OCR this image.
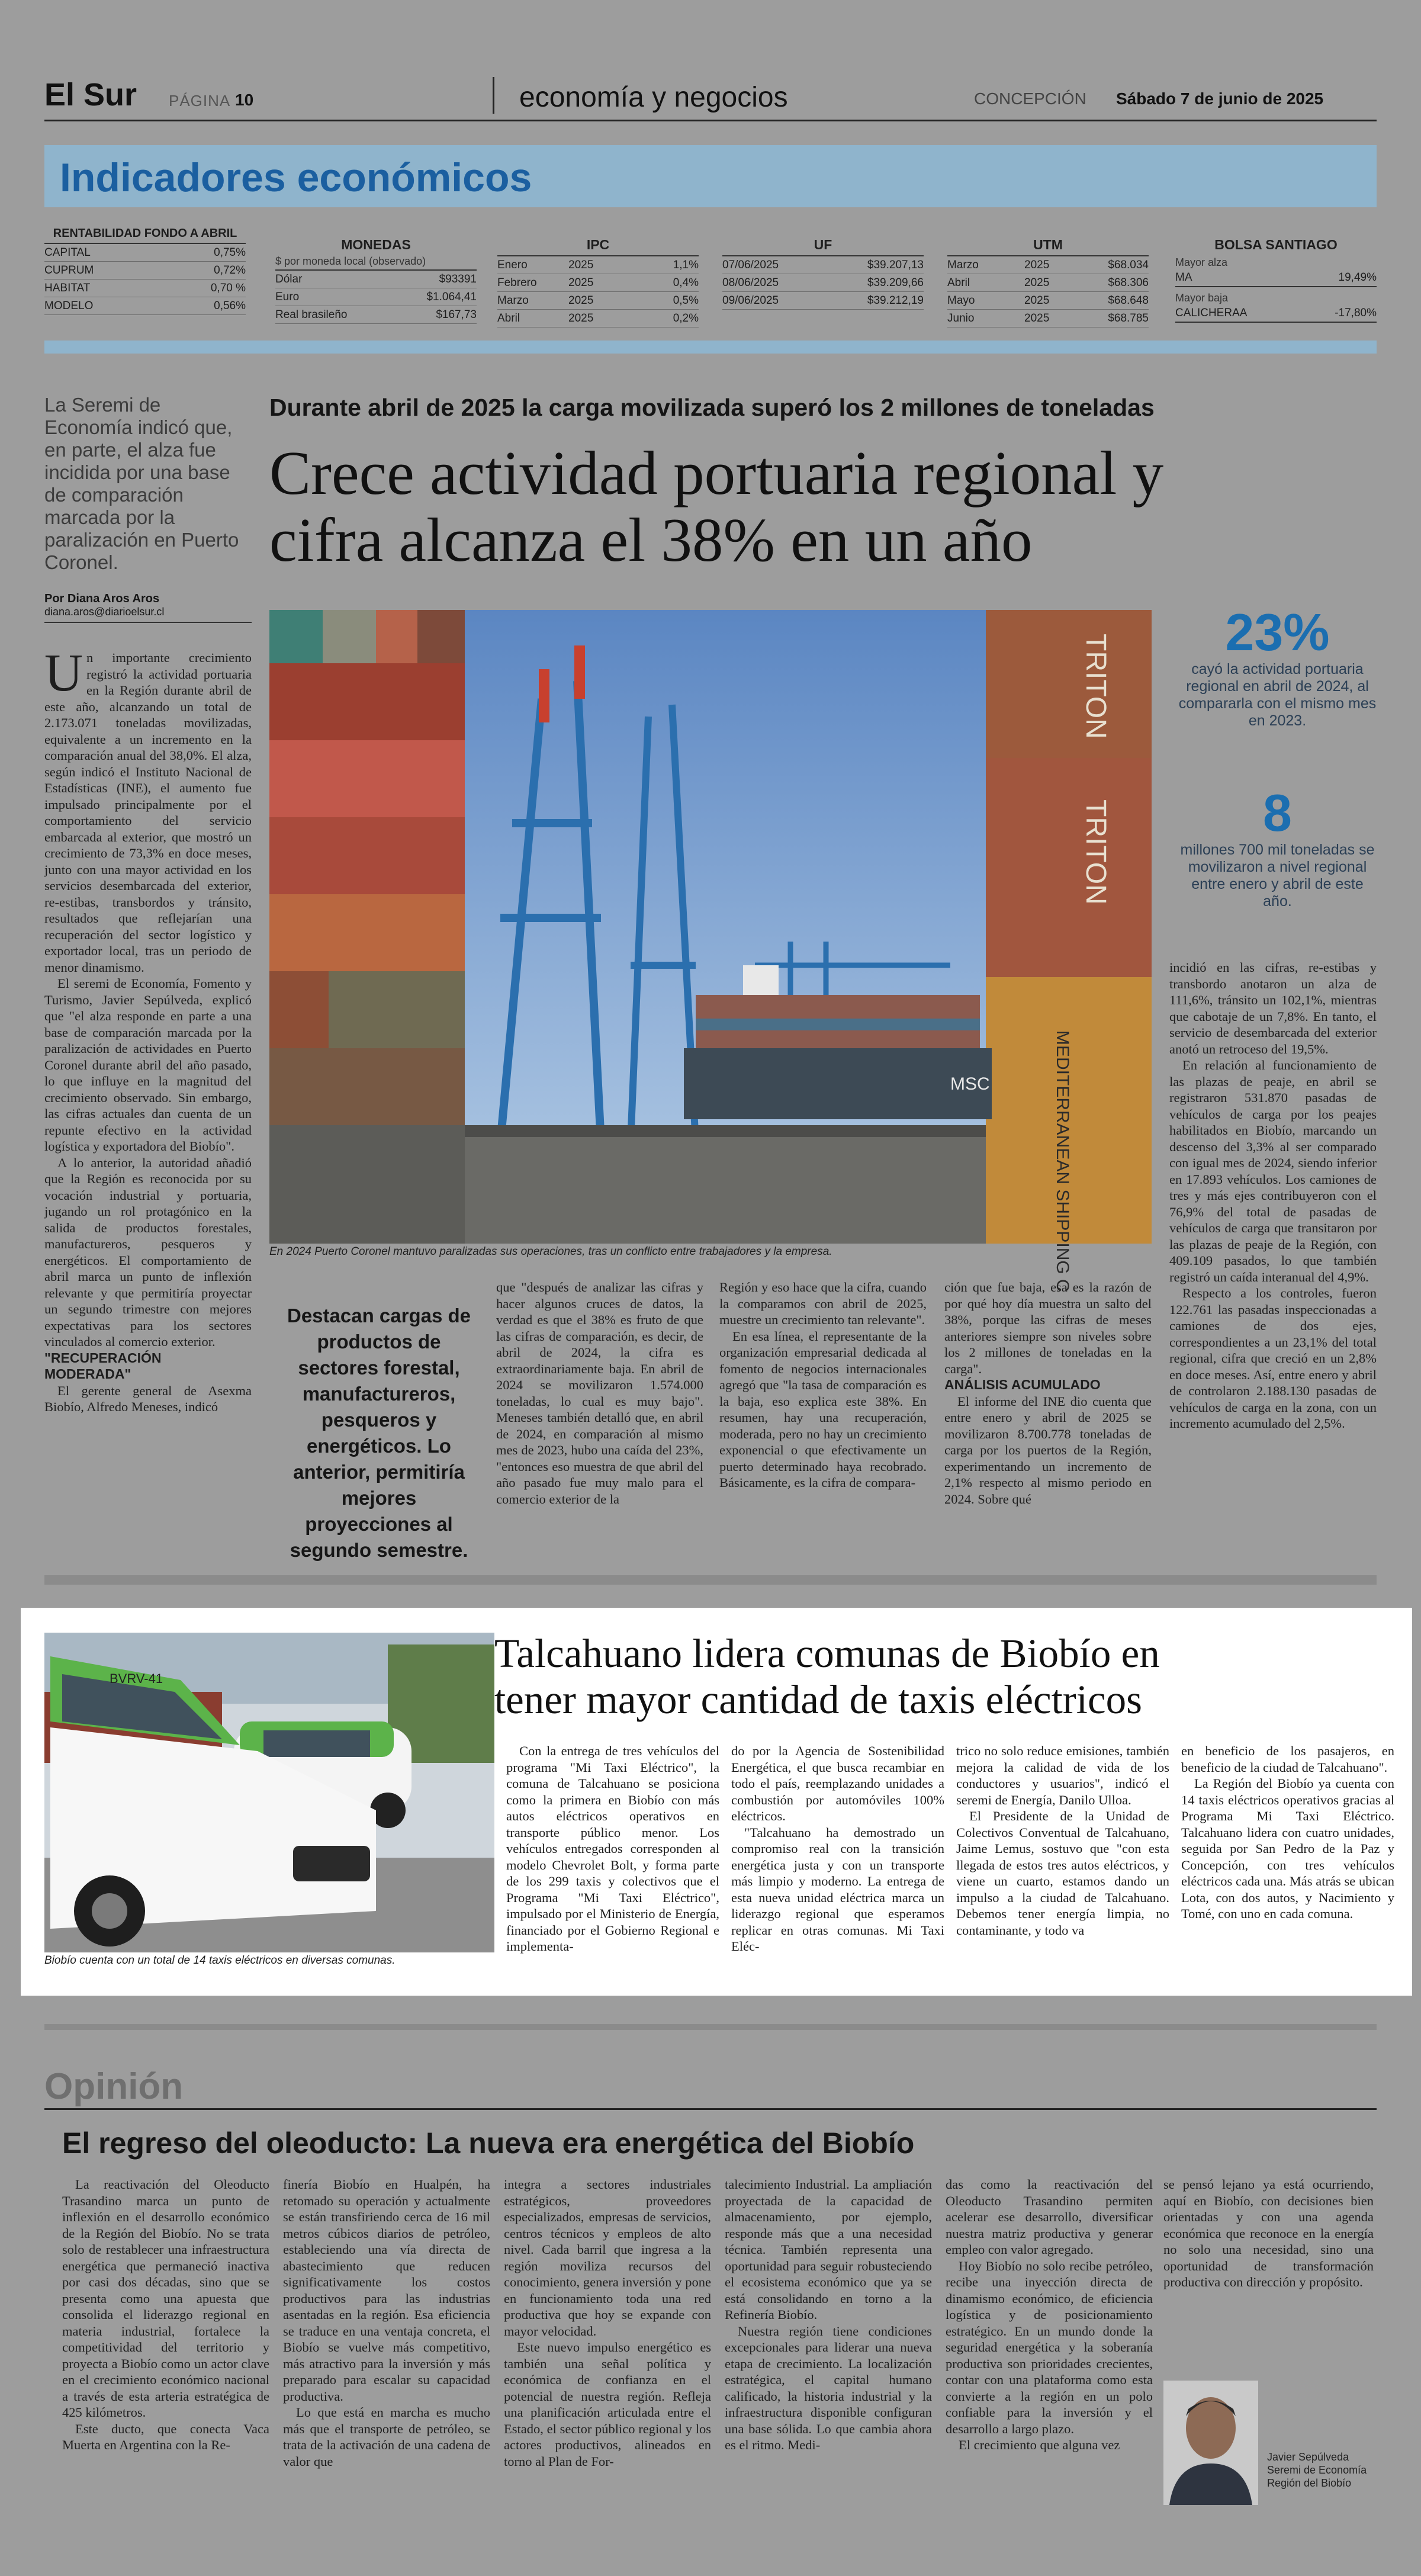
El Sur PÁGINA 10	economía y negocios	CONCEPCIÓN Sábado 7 de junio de 2025
Indicadores económicos
RENTABILIDAD FONDO A ABRIL
CAPITAL	0,75%
CUPRUM	0,72%
HABITAT	0,70 %
MODELO	0,56%
MONEDAS
$ por moneda local (observado)
Dólar	$93391
Euro	$1.064,41
Real brasileño	$167,73
IPC
Enero	2025	1,1%
Febrero	2025	0,4%
Marzo	2025	0,5%
Abril	2025	0,2%
UF
07/06/2025	$39.207,13
08/06/2025	$39.209,66
09/06/2025	$39.212,19
UTM
Marzo	2025	$68.034
Abril	2025	$68.306
Mayo	2025	$68.648
Junio	2025	$68.785
BOLSA SANTIAGO
Mayor alza
MA	19,49%
Mayor baja
CALICHERAA	-17,80%
La Seremi de Economía indicó que, en parte, el alza fue incidida por una base de comparación marcada por la paralización en Puerto Coronel.
Por Diana Aros Aros
diana.aros@diarioelsur.cl
Durante abril de 2025 la carga movilizada superó los 2 millones de toneladas
Crece actividad portuaria regional y
cifra alcanza el 38% en un año
TRITON
TRITON
MEDITERRANEAN SHIPPING C
MSC
En 2024 Puerto Coronel mantuvo paralizadas sus operaciones, tras un conflicto entre trabajadores y la empresa.
23%
cayó la actividad portuaria regional en abril de 2024, al compararla con el mismo mes en 2023.
8
millones 700 mil toneladas se movilizaron a nivel regional entre enero y abril de este año.

Un importante crecimiento registró la actividad portuaria en la Región durante abril de este año, alcanzando un total de 2.173.071 toneladas movilizadas, equivalente a un incremento en la comparación anual del 38,0%. El alza, según indicó el Instituto Nacional de Estadísticas (INE), el aumento fue impulsado principalmente por el comportamiento del servicio embarcada al exterior, que mostró un crecimiento de 73,3% en doce meses, junto con una mayor actividad en los servicios desembarcada del exterior, re-estibas, transbordos y tránsito, resultados que reflejarían una recuperación del sector logístico y exportador local, tras un periodo de menor dinamismo.

El seremi de Economía, Fomento y Turismo, Javier Sepúlveda, explicó que "el alza responde en parte a una base de comparación marcada por la paralización de actividades en Puerto Coronel durante abril del año pasado, lo que influye en la magnitud del crecimiento observado. Sin embargo, las cifras actuales dan cuenta de un repunte efectivo en la actividad logística y exportadora del Biobío".

A lo anterior, la autoridad añadió que la Región es reconocida por su vocación industrial y portuaria, jugando un rol protagónico en la salida de productos forestales, manufactureros, pesqueros y energéticos. El comportamiento de abril marca un punto de inflexión relevante y que permitiría proyectar un segundo trimestre con mejores expectativas para los sectores vinculados al comercio exterior.

"RECUPERACIÓN MODERADA"

El gerente general de Asexma Biobío, Alfredo Meneses, indicó

Destacan cargas de productos de sectores forestal, manufactureros, pesqueros y energéticos. Lo anterior, permitiría mejores proyecciones al segundo semestre.

que "después de analizar las cifras y hacer algunos cruces de datos, la verdad es que el 38% es fruto de que las cifras de comparación, es decir, de abril de 2024, la cifra es extraordinariamente baja. En abril de 2024 se movilizaron 1.574.000 toneladas, lo cual es muy bajo". Meneses también detalló que, en abril de 2024, en comparación al mismo mes de 2023, hubo una caída del 23%, "entonces eso muestra de que abril del año pasado fue muy malo para el comercio exterior de la

Región y eso hace que la cifra, cuando la comparamos con abril de 2025, muestre un crecimiento tan relevante".

En esa línea, el representante de la organización empresarial dedicada al fomento de negocios internacionales agregó que "la tasa de comparación es la baja, eso explica este 38%. En resumen, hay una recuperación, moderada, pero no hay un crecimiento exponencial o que efectivamente un puerto determinado haya recobrado. Básicamente, es la cifra de compara-

ción que fue baja, esa es la razón de por qué hoy día muestra un salto del 38%, porque las cifras de meses anteriores siempre son niveles sobre los 2 millones de toneladas en la carga".

ANÁLISIS ACUMULADO

El informe del INE dio cuenta que entre enero y abril de 2025 se movilizaron 8.700.778 toneladas de carga por los puertos de la Región, experimentando un incremento de 2,1% respecto al mismo periodo en 2024. Sobre qué

incidió en las cifras, re-estibas y transbordo anotaron un alza de 111,6%, tránsito un 102,1%, mientras que cabotaje de un 7,8%. En tanto, el servicio de desembarcada del exterior anotó un retroceso del 19,5%.

En relación al funcionamiento de las plazas de peaje, en abril se registraron 531.870 pasadas de vehículos de carga por los peajes habilitados en Biobío, marcando un descenso del 3,3% al ser comparado con igual mes de 2024, siendo inferior en 17.893 vehículos. Los camiones de tres y más ejes contribuyeron con el 76,9% del total de pasadas de vehículos de carga que transitaron por las plazas de peaje de la Región, con 409.109 pasados, lo que también registró un caída interanual del 4,9%.

Respecto a los controles, fueron 122.761 las pasadas inspeccionadas a camiones de dos ejes, correspondientes a un 23,1% del total regional, cifra que creció en un 2,8% en doce meses. Así, entre enero y abril de controlaron 2.188.130 pasadas de vehículos de carga en la zona, con un incremento acumulado del 2,5%.

BVRV-41
Biobío cuenta con un total de 14 taxis eléctricos en diversas comunas.
Talcahuano lidera comunas de Biobío en
tener mayor cantidad de taxis eléctricos

Con la entrega de tres vehículos del programa "Mi Taxi Eléctrico", la comuna de Talcahuano se posiciona como la primera en Biobío con más autos eléctricos operativos en transporte público menor. Los vehículos entregados corresponden al modelo Chevrolet Bolt, y forma parte de los 299 taxis y colectivos que el Programa "Mi Taxi Eléctrico", impulsado por el Ministerio de Energía, financiado por el Gobierno Regional e implementa-

do por la Agencia de Sostenibilidad Energética, el que busca recambiar en todo el país, reemplazando unidades a combustión por automóviles 100% eléctricos.

"Talcahuano ha demostrado un compromiso real con la transición energética justa y con un transporte más limpio y moderno. La entrega de esta nueva unidad eléctrica marca un liderazgo regional que esperamos replicar en otras comunas. Mi Taxi Eléc-

trico no solo reduce emisiones, también mejora la calidad de vida de los conductores y usuarios", indicó el seremi de Energía, Danilo Ulloa.

El Presidente de la Unidad de Colectivos Conventual de Talcahuano, Jaime Lemus, sostuvo que "con esta llegada de estos tres autos eléctricos, y viene un cuarto, estamos dando un impulso a la ciudad de Talcahuano. Debemos tener energía limpia, no contaminante, y todo va

en beneficio de los pasajeros, en beneficio de la ciudad de Talcahuano".

La Región del Biobío ya cuenta con 14 taxis eléctricos operativos gracias al Programa Mi Taxi Eléctrico. Talcahuano lidera con cuatro unidades, seguida por San Pedro de la Paz y Concepción, con tres vehículos eléctricos cada una. Más atrás se ubican Lota, con dos autos, y Nacimiento y Tomé, con uno en cada comuna.

Opinión
El regreso del oleoducto: La nueva era energética del Biobío

La reactivación del Oleoducto Trasandino marca un punto de inflexión en el desarrollo económico de la Región del Biobío. No se trata solo de restablecer una infraestructura energética que permaneció inactiva por casi dos décadas, sino que se presenta como una apuesta que consolida el liderazgo regional en materia industrial, fortalece la competitividad del territorio y proyecta a Biobío como un actor clave en el crecimiento económico nacional a través de esta arteria estratégica de 425 kilómetros.

Este ducto, que conecta Vaca Muerta en Argentina con la Re-

finería Biobío en Hualpén, ha retomado su operación y actualmente se están transfiriendo cerca de 16 mil metros cúbicos diarios de petróleo, estableciendo una vía directa de abastecimiento que reducen significativamente los costos productivos para las industrias asentadas en la región. Esa eficiencia se traduce en una ventaja concreta, el Biobío se vuelve más competitivo, más atractivo para la inversión y más preparado para escalar su capacidad productiva.

Lo que está en marcha es mucho más que el transporte de petróleo, se trata de la activación de una cadena de valor que

integra a sectores industriales estratégicos, proveedores especializados, empresas de servicios, centros técnicos y empleos de alto nivel. Cada barril que ingresa a la región moviliza recursos del conocimiento, genera inversión y pone en funcionamiento toda una red productiva que hoy se expande con mayor velocidad.

Este nuevo impulso energético es también una señal política y económica de confianza en el potencial de nuestra región. Refleja una planificación articulada entre el Estado, el sector público regional y los actores productivos, alineados en torno al Plan de For-

talecimiento Industrial. La ampliación proyectada de la capacidad de almacenamiento, por ejemplo, responde más que a una necesidad técnica. También representa una oportunidad para seguir robusteciendo el ecosistema económico que ya se está consolidando en torno a la Refinería Biobío.

Nuestra región tiene condiciones excepcionales para liderar una nueva etapa de crecimiento. La localización estratégica, el capital humano calificado, la historia industrial y la infraestructura disponible configuran una base sólida. Lo que cambia ahora es el ritmo. Medi-

das como la reactivación del Oleoducto Trasandino permiten acelerar ese desarrollo, diversificar nuestra matriz productiva y generar empleo con valor agregado.

Hoy Biobío no solo recibe petróleo, recibe una inyección directa de dinamismo económico, de eficiencia logística y de posicionamiento estratégico. En un mundo donde la seguridad energética y la soberanía productiva son prioridades crecientes, contar con una plataforma como esta convierte a la región en un polo confiable para la inversión y el desarrollo a largo plazo.

El crecimiento que alguna vez

se pensó lejano ya está ocurriendo, aquí en Biobío, con decisiones bien orientadas y con una agenda económica que reconoce en la energía no solo una necesidad, sino una oportunidad de transformación productiva con dirección y propósito.

Javier Sepúlveda
Seremi de Economía
Región del Biobío
